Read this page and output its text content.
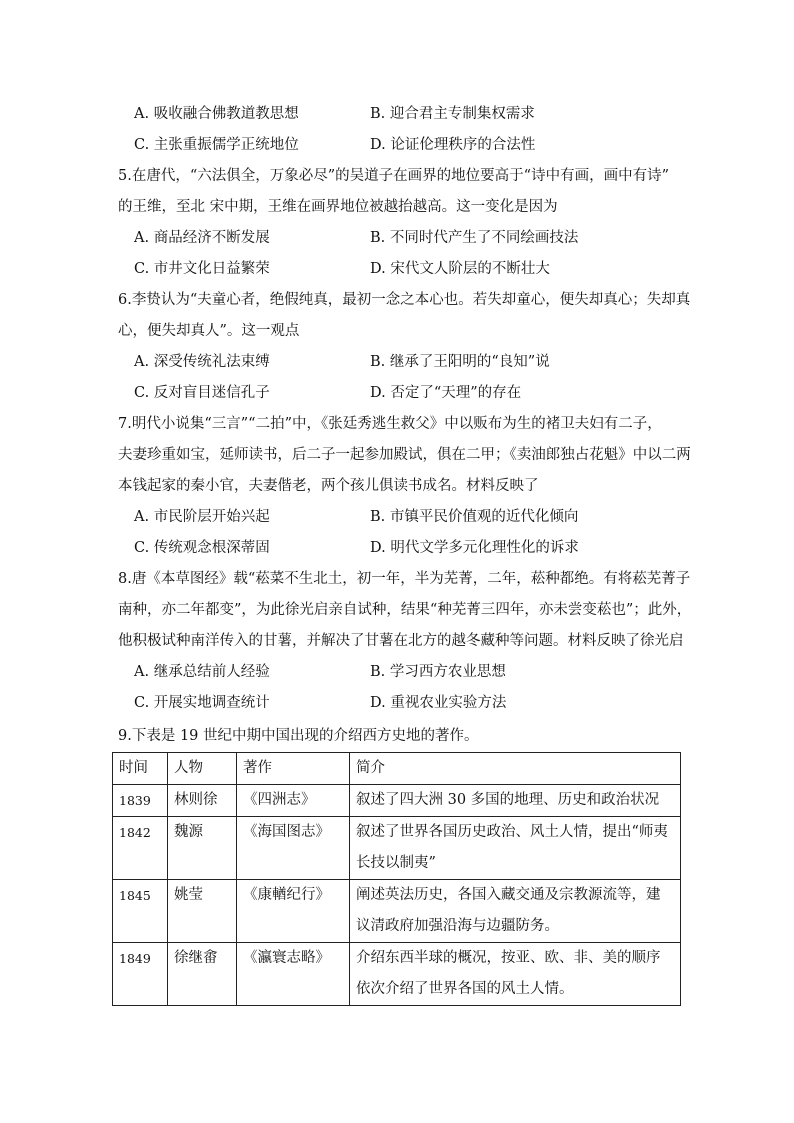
A. 吸收融合佛教道教思想	B. 迎合君主专制集权需求
C. 主张重振儒学正统地位	D. 论证伦理秩序的合法性
5.在唐代，“六法俱全，万象必尽”的吴道子在画界的地位要高于“诗中有画，画中有诗”
的王维，至北 宋中期，王维在画界地位被越抬越高。这一变化是因为
A. 商品经济不断发展	B. 不同时代产生了不同绘画技法
C. 市井文化日益繁荣	D. 宋代文人阶层的不断壮大
6.李贽认为“夫童心者，绝假纯真，最初一念之本心也。若失却童心，便失却真心；失却真
心，便失却真人”。这一观点
A. 深受传统礼法束缚	B. 继承了王阳明的“良知”说
C. 反对盲目迷信孔子	D. 否定了“天理”的存在
7.明代小说集“三言”“二拍”中，《张廷秀逃生救父》中以贩布为生的褚卫夫妇有二子，
夫妻珍重如宝，延师读书，后二子一起参加殿试，俱在二甲；《卖油郎独占花魁》中以二两
本钱起家的秦小官，夫妻偕老，两个孩儿俱读书成名。材料反映了
A. 市民阶层开始兴起	B. 市镇平民价值观的近代化倾向
C. 传统观念根深蒂固	D. 明代文学多元化理性化的诉求
8.唐《本草图经》载“菘菜不生北土，初一年，半为芜菁，二年，菘种都绝。有将菘芜菁子
南种，亦二年都变”，为此徐光启亲自试种，结果“种芜菁三四年，亦未尝变菘也”；此外，
他积极试种南洋传入的甘薯，并解决了甘薯在北方的越冬藏种等问题。材料反映了徐光启
A. 继承总结前人经验	B. 学习西方农业思想
C. 开展实地调查统计	D. 重视农业实验方法
9.下表是 19 世纪中期中国出现的介绍西方史地的著作。
时间	人物	著作	简介
1839	林则徐	《四洲志》	叙述了四大洲 30 多国的地理、历史和政治状况
1842	魏源	《海国图志》	叙述了世界各国历史政治、风土人情，提出“师夷长技以制夷”
1845	姚莹	《康輶纪行》	阐述英法历史，各国入藏交通及宗教源流等，建议清政府加强沿海与边疆防务。
1849	徐继畬	《瀛寰志略》	介绍东西半球的概况，按亚、欧、非、美的顺序依次介绍了世界各国的风土人情。
